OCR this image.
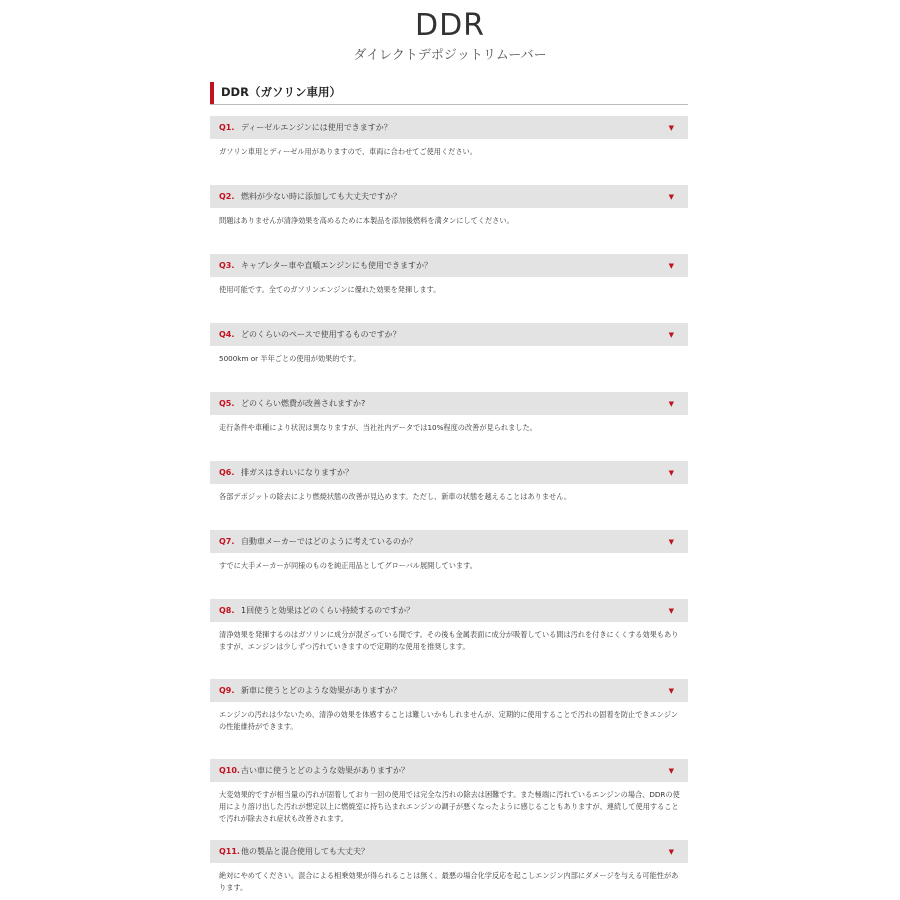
DDR
ダイレクトデポジットリムーバー
DDR（ガソリン車用）
Q1. ディーゼルエンジンには使用できますか？	▼
ガソリン車用とディーゼル用がありますので、車両に合わせてご使用ください。
Q2. 燃料が少ない時に添加しても大丈夫ですか？	▼
問題はありませんが清浄効果を高めるために本製品を添加後燃料を満タンにしてください。
Q3. キャブレター車や直噴エンジンにも使用できますか？	▼
使用可能です。全てのガソリンエンジンに優れた効果を発揮します。
Q4. どのくらいのペースで使用するものですか？	▼
5000km or 半年ごとの使用が効果的です。
Q5. どのくらい燃費が改善されますか?	▼
走行条件や車種により状況は異なりますが、当社社内データでは10%程度の改善が見られました。
Q6. 排ガスはきれいになりますか？	▼
各部デポジットの除去により燃焼状態の改善が見込めます。ただし、新車の状態を越えることはありません。
Q7. 自動車メーカーではどのように考えているのか？	▼
すでに大手メーカーが同様のものを純正用品としてグローバル展開しています。
Q8. 1回使うと効果はどのくらい持続するのですか？	▼
清浄効果を発揮するのはガソリンに成分が混ざっている間です。その後も金属表面に成分が吸着している間は汚れを付きにくくする効果もありますが、エンジンは少しずつ汚れていきますので定期的な使用を推奨します。
Q9. 新車に使うとどのような効果がありますか？	▼
エンジンの汚れは少ないため、清浄の効果を体感することは難しいかもしれませんが、定期的に使用することで汚れの固着を防止できエンジンの性能維持ができます。
Q10. 古い車に使うとどのような効果がありますか？	▼
大変効果的ですが相当量の汚れが固着しており一回の使用では完全な汚れの除去は困難です。また極端に汚れているエンジンの場合、DDRの使用により溶け出した汚れが想定以上に燃焼室に持ち込まれエンジンの調子が悪くなったように感じることもありますが、連続して使用することで汚れが除去され症状も改善されます。
Q11. 他の製品と混合使用しても大丈夫？	▼
絶対にやめてください。混合による相乗効果が得られることは無く、最悪の場合化学反応を起こしエンジン内部にダメージを与える可能性があります。
